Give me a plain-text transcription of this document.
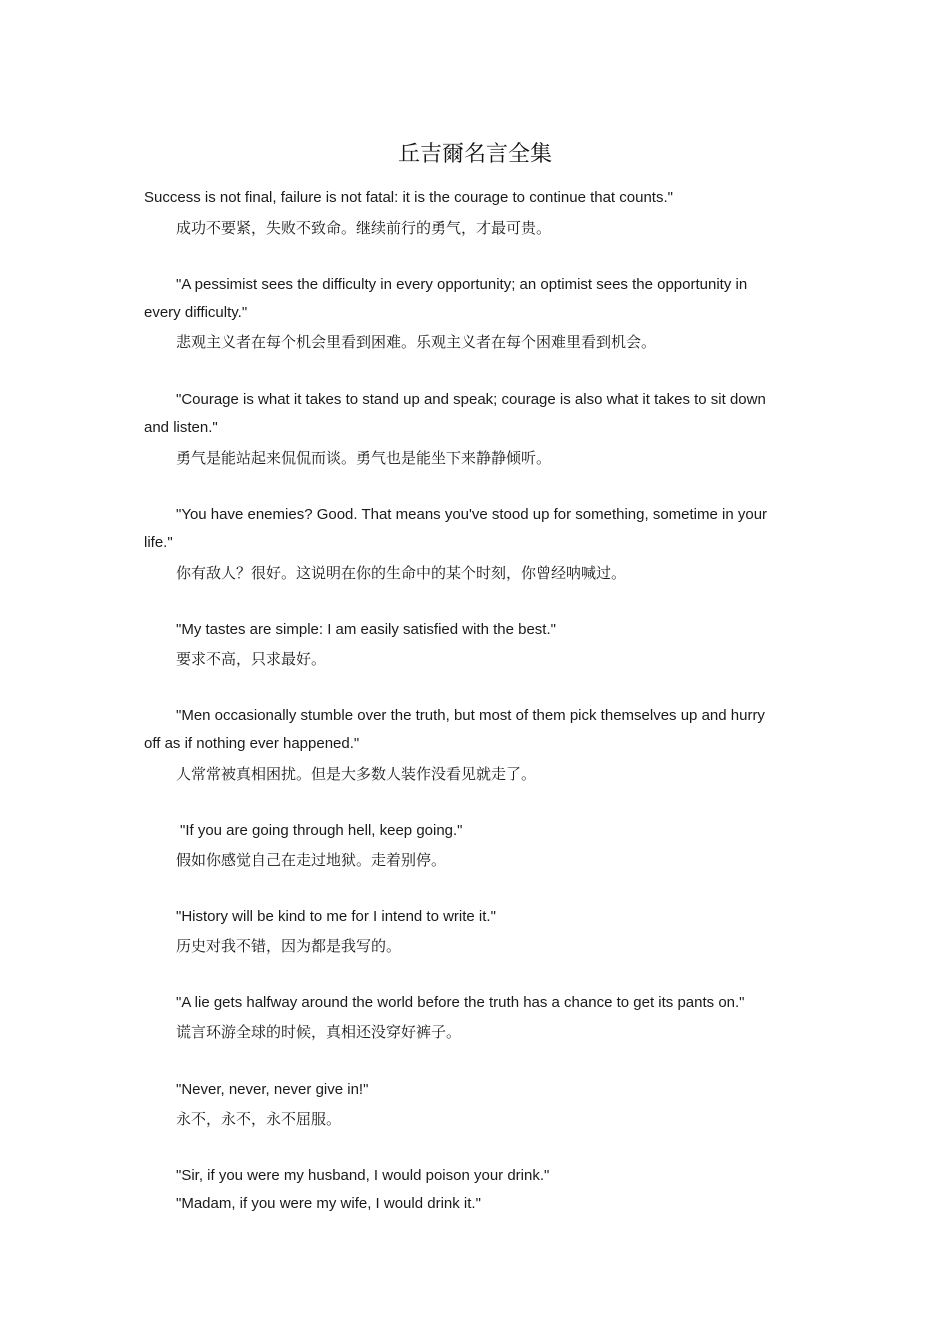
丘吉爾名言全集
Success is not final, failure is not fatal: it is the courage to continue that counts."
成功不要紧，失败不致命。继续前行的勇气，才最可贵。
"A pessimist sees the difficulty in every opportunity; an optimist sees the opportunity in
every difficulty."
悲观主义者在每个机会里看到困难。乐观主义者在每个困难里看到机会。
"Courage is what it takes to stand up and speak; courage is also what it takes to sit down
and listen."
勇气是能站起来侃侃而谈。勇气也是能坐下来静静倾听。
"You have enemies? Good. That means you've stood up for something, sometime in your
life."
你有敌人？很好。这说明在你的生命中的某个时刻，你曾经呐喊过。
"My tastes are simple: I am easily satisfied with the best."
要求不高，只求最好。
"Men occasionally stumble over the truth, but most of them pick themselves up and hurry
off as if nothing ever happened."
人常常被真相困扰。但是大多数人装作没看见就走了。
"If you are going through hell, keep going."
假如你感觉自己在走过地狱。走着别停。
"History will be kind to me for I intend to write it."
历史对我不错，因为都是我写的。
"A lie gets halfway around the world before the truth has a chance to get its pants on."
谎言环游全球的时候，真相还没穿好裤子。
"Never, never, never give in!"
永不，永不，永不屈服。
"Sir, if you were my husband, I would poison your drink."
"Madam, if you were my wife, I would drink it."
